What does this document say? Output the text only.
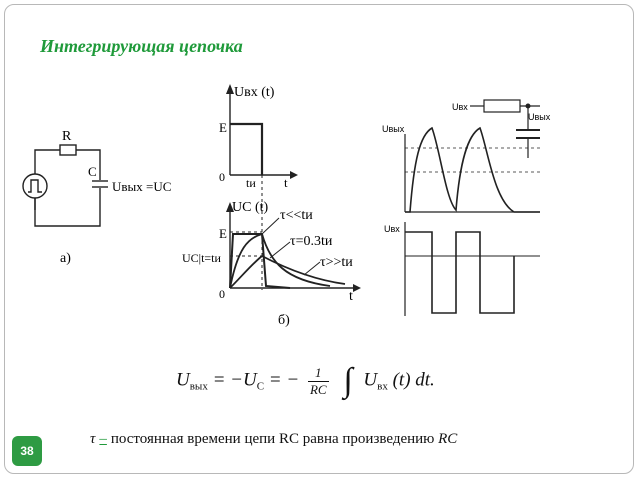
Интегрирующая цепочка
R
C
Uвых =UC
а)
Uвх (t)
E
0 tи t
UC (t)
E
0	t
UC|t=tи
τ<<tи
τ=0.3tи
τ>>tи
б)
Uвх
Uвых
Uвых
Uвх
$U_{вых} = -U_C$ = − $\frac{1}{RC}$ ∫ $U_{вх}$ (t) dt.
38
τ – постоянная времени цепи RC равна произведению RC
